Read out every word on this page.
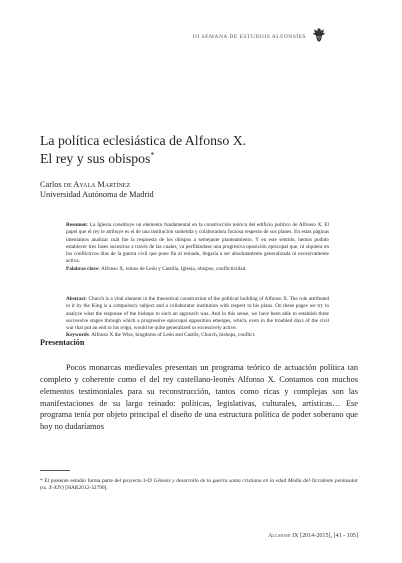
III SEMANA DE ESTUDIOS ALFONSÍES
La política eclesiástica de Alfonso X.
El rey y sus obispos*
Carlos de Ayala Martínez
Universidad Autónoma de Madrid
Resumen: La Iglesia constituye un elemento fundamental en la construcción teórica del edificio político de Alfonso X. El papel que el rey le atribuye es el de una institución sometida y colaboradora forzosa respecto de sus planes. En estas páginas intentamos analizar cuál fue la respuesta de los obispos a semejante planteamiento. Y en este sentido, hemos podido establecer tres fases sucesivas a través de las cuales, va perfilándose una progresiva oposición episcopal que, ni siquiera en los conflictivos días de la guerra civil que pone fin al reinado, llegaría a ser absolutamente generalizada ni excesivamente activa.
Palabras clave: Alfonso X, reinos de León y Castilla, Iglesia, obispos, conflictividad.
Abstract: Church is a vital element in the theoretical construction of the political building of Alfonso X. The role attributed to it by the King is a compulsory subject and a collaborator institution with respect to his plans. On these pages we try to analyze what the response of the bishops to such an approach was. And in this sense, we have been able to establish three successive stages through which a progressive episcopal opposition emerges, which, even in the troubled days of the civil war that put an end to his reign, would be quite generalized or excessively active.
Keywords: Alfonso X the Wise, kingdoms of León and Castile, Church, bishops, conflict.
Presentación
Pocos monarcas medievales presentan un programa teórico de actuación política tan completo y coherente como el del rey castellano-leonés Alfonso X. Contamos con muchos elementos testimoniales para su reconstrucción, tantos como ricas y complejas son las manifestaciones de su largo reinado: políticas, legislativas, culturales, artísticas… Ese programa tenía por objeto principal el diseño de una estructura política de poder soberano que hoy no dudaríamos
* El presente estudio forma parte del proyecto I+D Génesis y desarrollo de la guerra santa cristiana en la edad Media del Occidente peninsular (ss. X-XIV) [HAR2012-32790].
Alcanate IX [2014-2015], [41 - 105]
